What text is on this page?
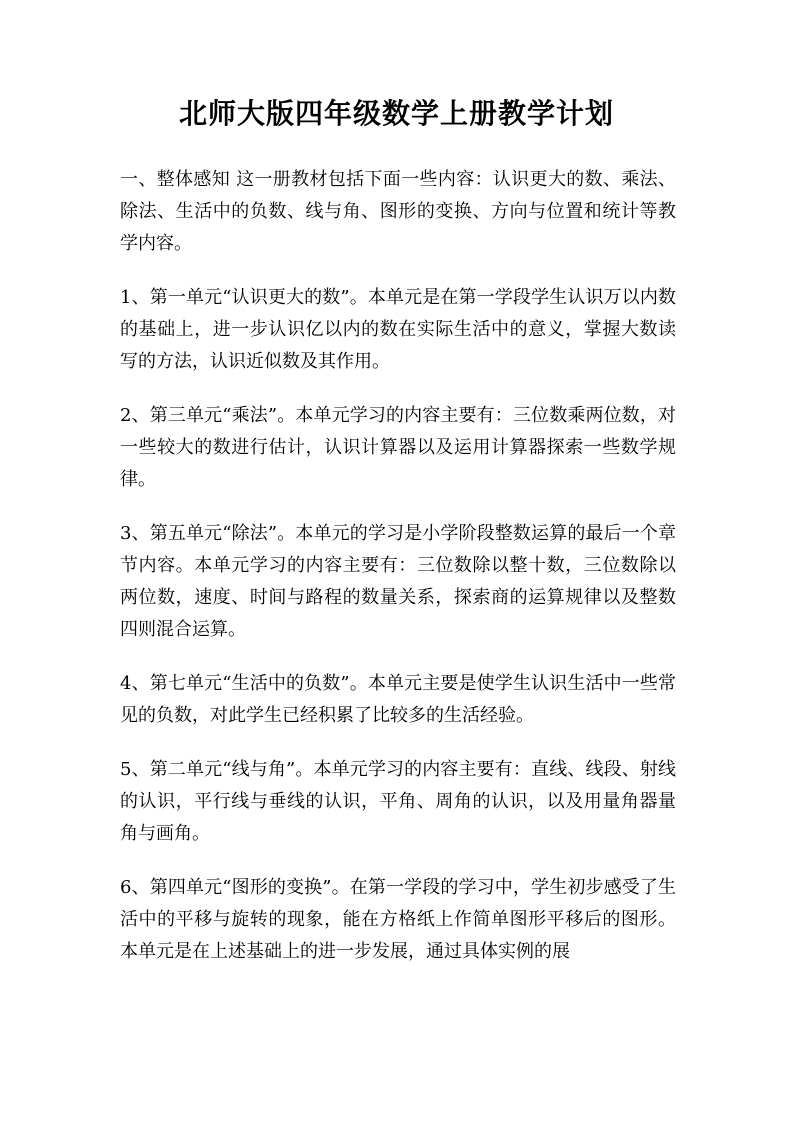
北师大版四年级数学上册教学计划

一、整体感知 这一册教材包括下面一些内容：认识更大的数、乘法、除法、生活中的负数、线与角、图形的变换、方向与位置和统计等教学内容。

1、第一单元“认识更大的数”。本单元是在第一学段学生认识万以内数的基础上，进一步认识亿以内的数在实际生活中的意义，掌握大数读写的方法，认识近似数及其作用。

2、第三单元“乘法”。本单元学习的内容主要有：三位数乘两位数，对一些较大的数进行估计，认识计算器以及运用计算器探索一些数学规律。

3、第五单元“除法”。本单元的学习是小学阶段整数运算的最后一个章节内容。本单元学习的内容主要有：三位数除以整十数，三位数除以两位数，速度、时间与路程的数量关系，探索商的运算规律以及整数四则混合运算。

4、第七单元“生活中的负数”。本单元主要是使学生认识生活中一些常见的负数，对此学生已经积累了比较多的生活经验。

5、第二单元“线与角”。本单元学习的内容主要有：直线、线段、射线的认识，平行线与垂线的认识，平角、周角的认识，以及用量角器量角与画角。

6、第四单元“图形的变换”。在第一学段的学习中，学生初步感受了生活中的平移与旋转的现象，能在方格纸上作简单图形平移后的图形。本单元是在上述基础上的进一步发展，通过具体实例的展
